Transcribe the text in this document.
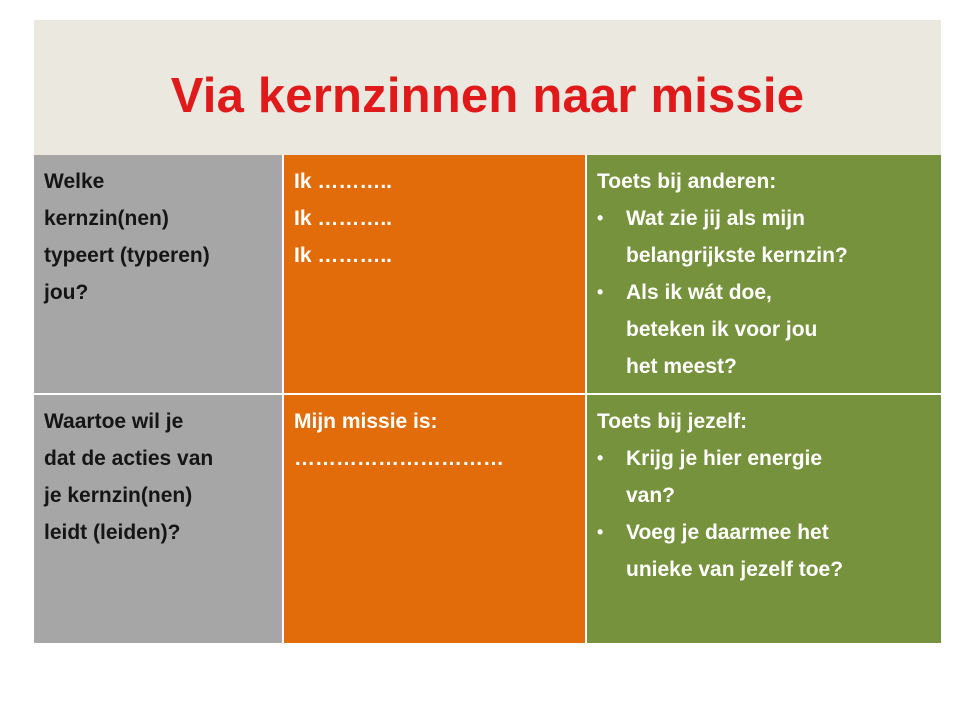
Via kernzinnen naar missie
Welke
kernzin(nen)
typeert (typeren)
jou?
Ik ………..
Ik ………..
Ik ………..
Toets bij anderen:
• Wat zie jij als mijn
belangrijkste kernzin?
• Als ik wát doe,
beteken ik voor jou
het meest?
Waartoe wil je
dat de acties van
je kernzin(nen)
leidt (leiden)?
Mijn missie is:
…………………………
Toets bij jezelf:
• Krijg je hier energie
van?
• Voeg je daarmee het
unieke van jezelf toe?
